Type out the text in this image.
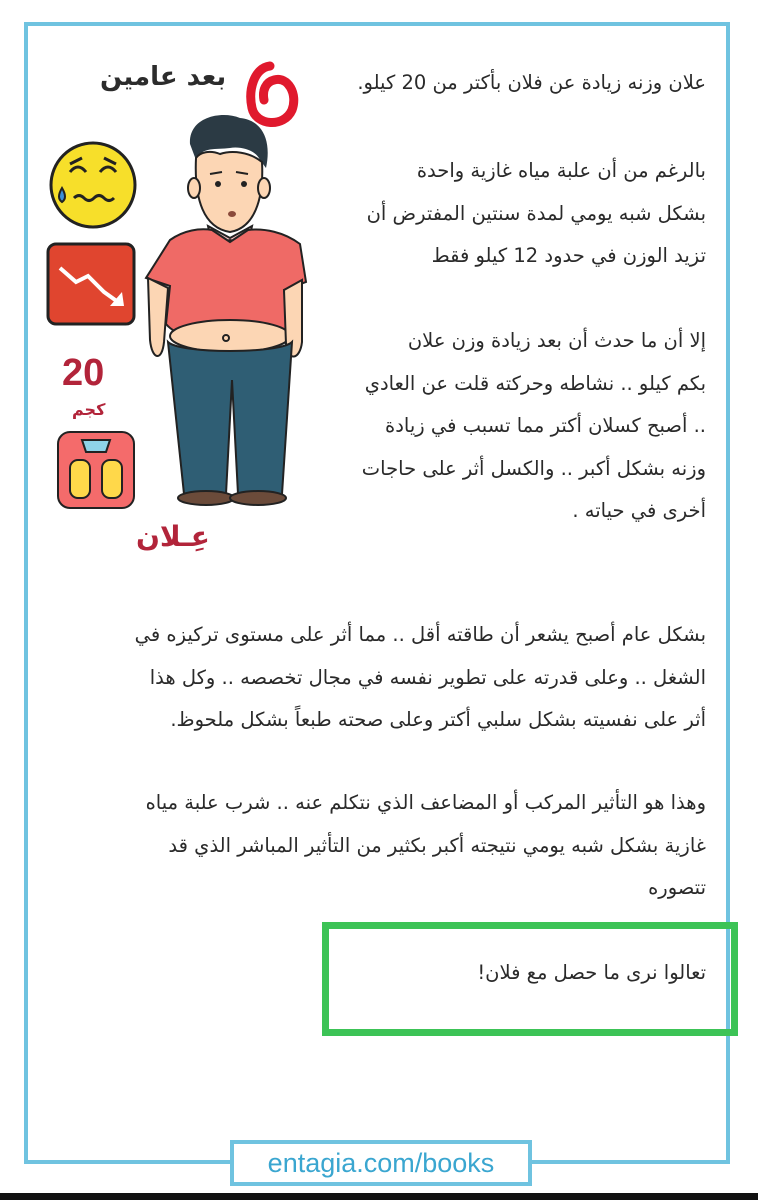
بعد عامين
20
كجم
عِـلان

علان وزنه زيادة عن فلان بأكتر من 20 كيلو.

بالرغم من أن علبة مياه غازية واحدة
بشكل شبه يومي لمدة سنتين المفترض أن
تزيد الوزن في حدود 12 كيلو فقط

إلا أن ما حدث أن بعد زيادة وزن علان
بكم كيلو .. نشاطه وحركته قلت عن العادي
.. أصبح كسلان أكتر مما تسبب في زيادة
وزنه بشكل أكبر .. والكسل أثر على حاجات
أخرى في حياته .

بشكل عام أصبح يشعر أن طاقته أقل .. مما أثر على مستوى تركيزه في
الشغل .. وعلى قدرته على تطوير نفسه في مجال تخصصه .. وكل هذا
أثر على نفسيته بشكل سلبي أكتر وعلى صحته طبعاً بشكل ملحوظ.

وهذا هو التأثير المركب أو المضاعف الذي نتكلم عنه .. شرب علبة مياه
غازية بشكل شبه يومي نتيجته أكبر بكثير من التأثير المباشر الذي قد
تتصوره

تعالوا نرى ما حصل مع فلان!

entagia.com/books
